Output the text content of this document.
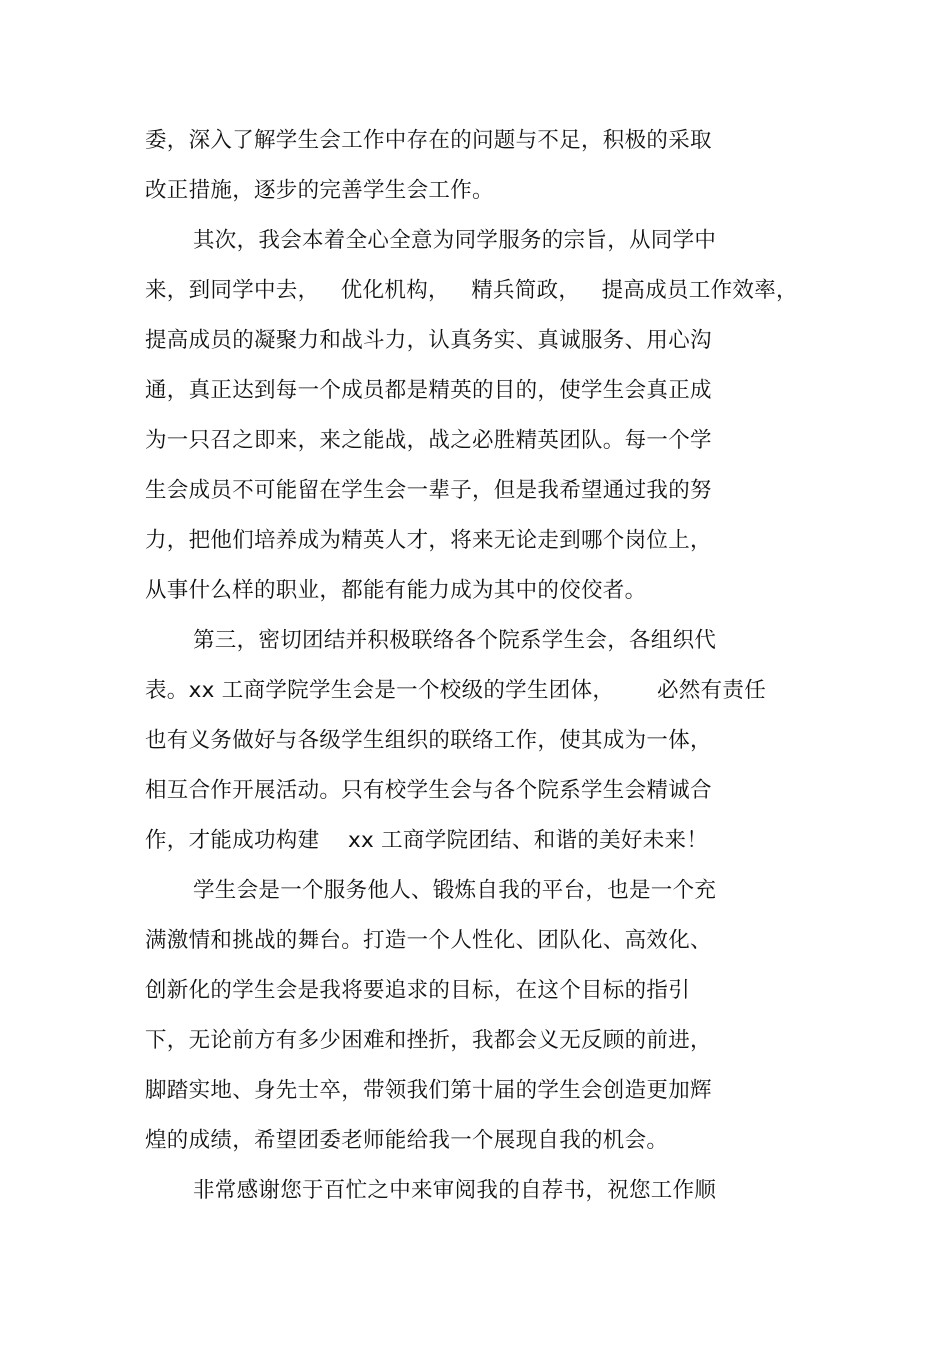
委，深入了解学生会工作中存在的问题与不足，积极的采取
改正措施，逐步的完善学生会工作。
其次，我会本着全心全意为同学服务的宗旨，从同学中
来，到同学中去，   优化机构，   精兵简政，   提高成员工作效率，
提高成员的凝聚力和战斗力，认真务实、真诚服务、用心沟
通，真正达到每一个成员都是精英的目的，使学生会真正成
为一只召之即来，来之能战，战之必胜精英团队。每一个学
生会成员不可能留在学生会一辈子，但是我希望通过我的努
力，把他们培养成为精英人才，将来无论走到哪个岗位上，
从事什么样的职业，都能有能力成为其中的佼佼者。
第三，密切团结并积极联络各个院系学生会，各组织代
表。xx 工商学院学生会是一个校级的学生团体，      必然有责任
也有义务做好与各级学生组织的联络工作，使其成为一体，
相互合作开展活动。只有校学生会与各个院系学生会精诚合
作，才能成功构建    xx 工商学院团结、和谐的美好未来！
学生会是一个服务他人、锻炼自我的平台，也是一个充
满激情和挑战的舞台。打造一个人性化、团队化、高效化、
创新化的学生会是我将要追求的目标，在这个目标的指引
下，无论前方有多少困难和挫折，我都会义无反顾的前进，
脚踏实地、身先士卒，带领我们第十届的学生会创造更加辉
煌的成绩，希望团委老师能给我一个展现自我的机会。
非常感谢您于百忙之中来审阅我的自荐书，祝您工作顺
